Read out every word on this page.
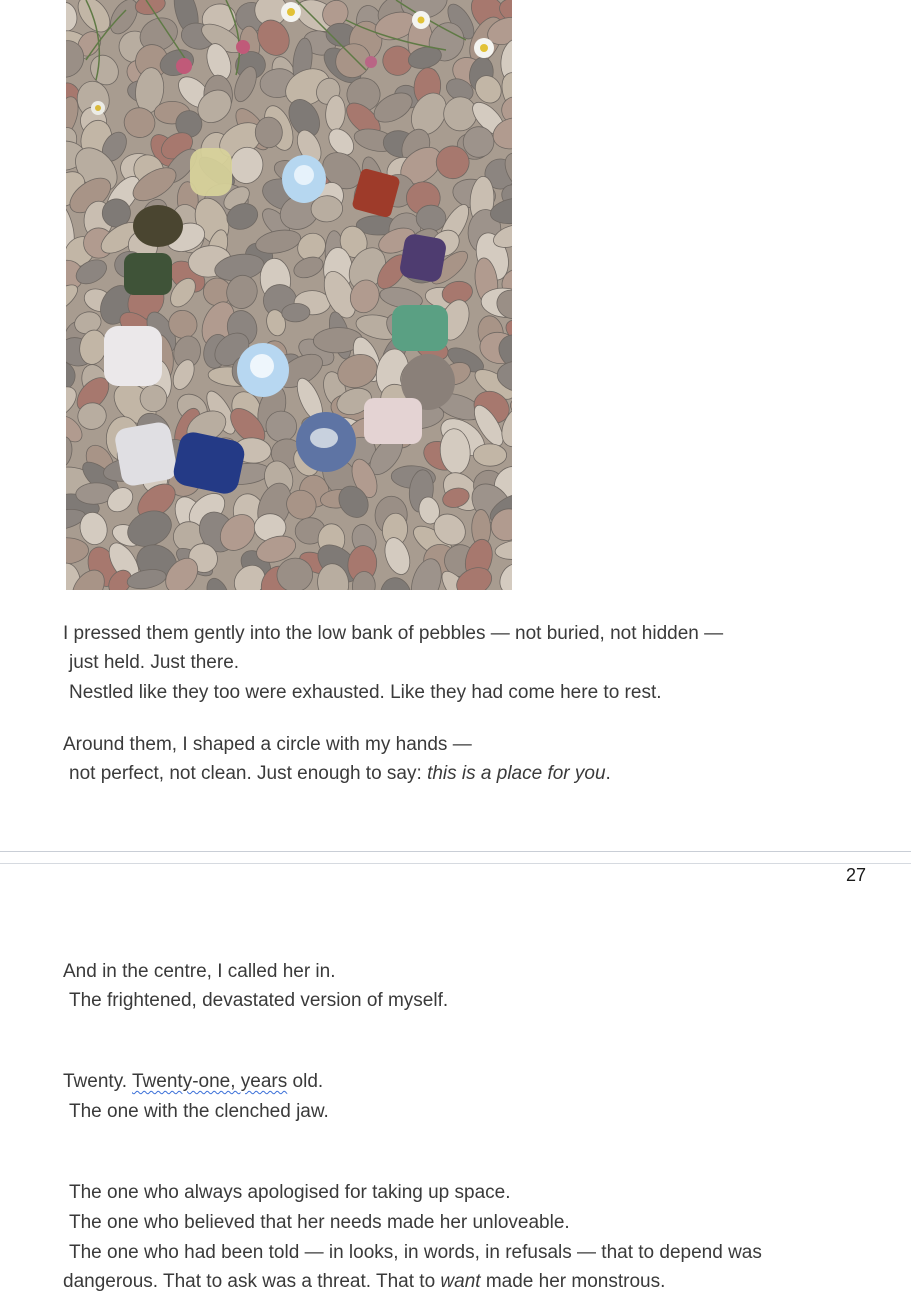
I pressed them gently into the low bank of pebbles — not buried, not hidden —
just held. Just there.
Nestled like they too were exhausted. Like they had come here to rest.
Around them, I shaped a circle with my hands —
not perfect, not clean. Just enough to say: this is a place for you.
27
And in the centre, I called her in.
The frightened, devastated version of myself.
Twenty. Twenty-one, years old.
The one with the clenched jaw.
The one who always apologised for taking up space.
The one who believed that her needs made her unloveable.
The one who had been told — in looks, in words, in refusals — that to depend was
dangerous. That to ask was a threat. That to want made her monstrous.
